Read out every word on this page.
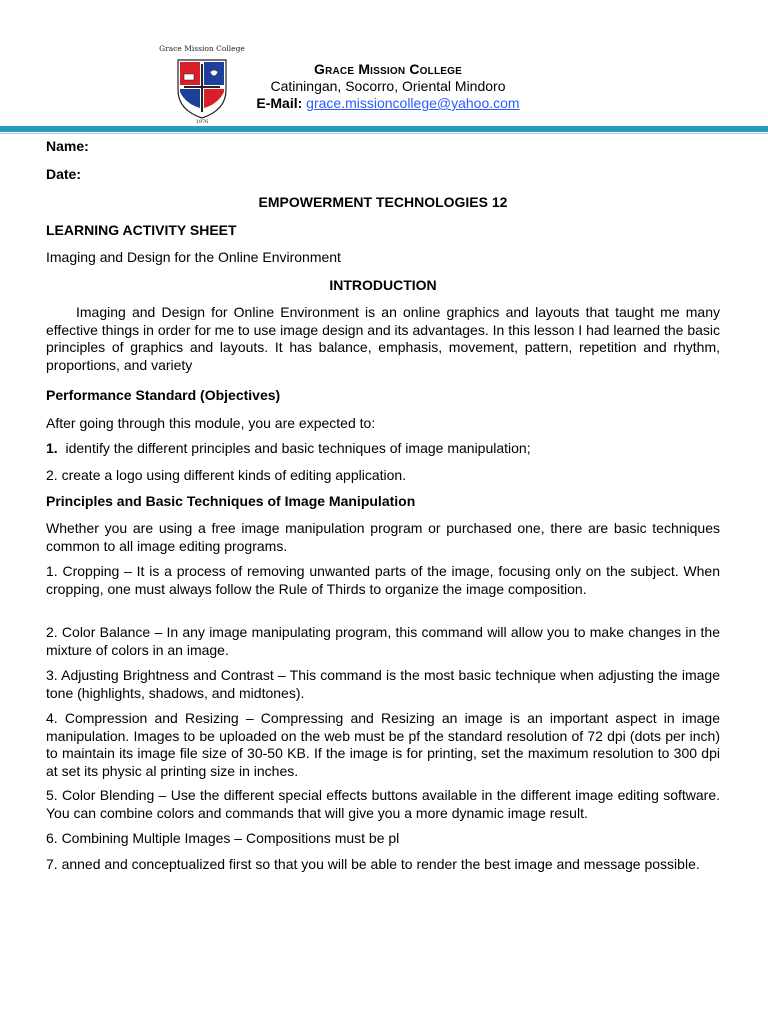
Grace Mission College
· · · · · · · · · · ·
1976
Grace Mission College
Catiningan, Socorro, Oriental Mindoro
E-Mail: grace.missioncollege@yahoo.com
Name:
Date:
EMPOWERMENT TECHNOLOGIES 12
LEARNING ACTIVITY SHEET
Imaging and Design for the Online Environment
INTRODUCTION
Imaging and Design for Online Environment is an online graphics and layouts that taught me many effective things in order for me to use image design and its advantages. In this lesson I had learned the basic principles of graphics and layouts. It has balance, emphasis, movement, pattern, repetition and rhythm, proportions, and variety
Performance Standard (Objectives)
After going through this module, you are expected to:
1. identify the different principles and basic techniques of image manipulation;
2. create a logo using different kinds of editing application.
Principles and Basic Techniques of Image Manipulation
Whether you are using a free image manipulation program or purchased one, there are basic techniques common to all image editing programs.
1. Cropping – It is a process of removing unwanted parts of the image, focusing only on the subject. When cropping, one must always follow the Rule of Thirds to organize the image composition.
2. Color Balance – In any image manipulating program, this command will allow you to make changes in the mixture of colors in an image.
3. Adjusting Brightness and Contrast – This command is the most basic technique when adjusting the image tone (highlights, shadows, and midtones).
4. Compression and Resizing – Compressing and Resizing an image is an important aspect in image manipulation. Images to be uploaded on the web must be pf the standard resolution of 72 dpi (dots per inch) to maintain its image file size of 30-50 KB. If the image is for printing, set the maximum resolution to 300 dpi at set its physic al printing size in inches.
5. Color Blending – Use the different special effects buttons available in the different image editing software. You can combine colors and commands that will give you a more dynamic image result.
6. Combining Multiple Images – Compositions must be pl
7. anned and conceptualized first so that you will be able to render the best image and message possible.
